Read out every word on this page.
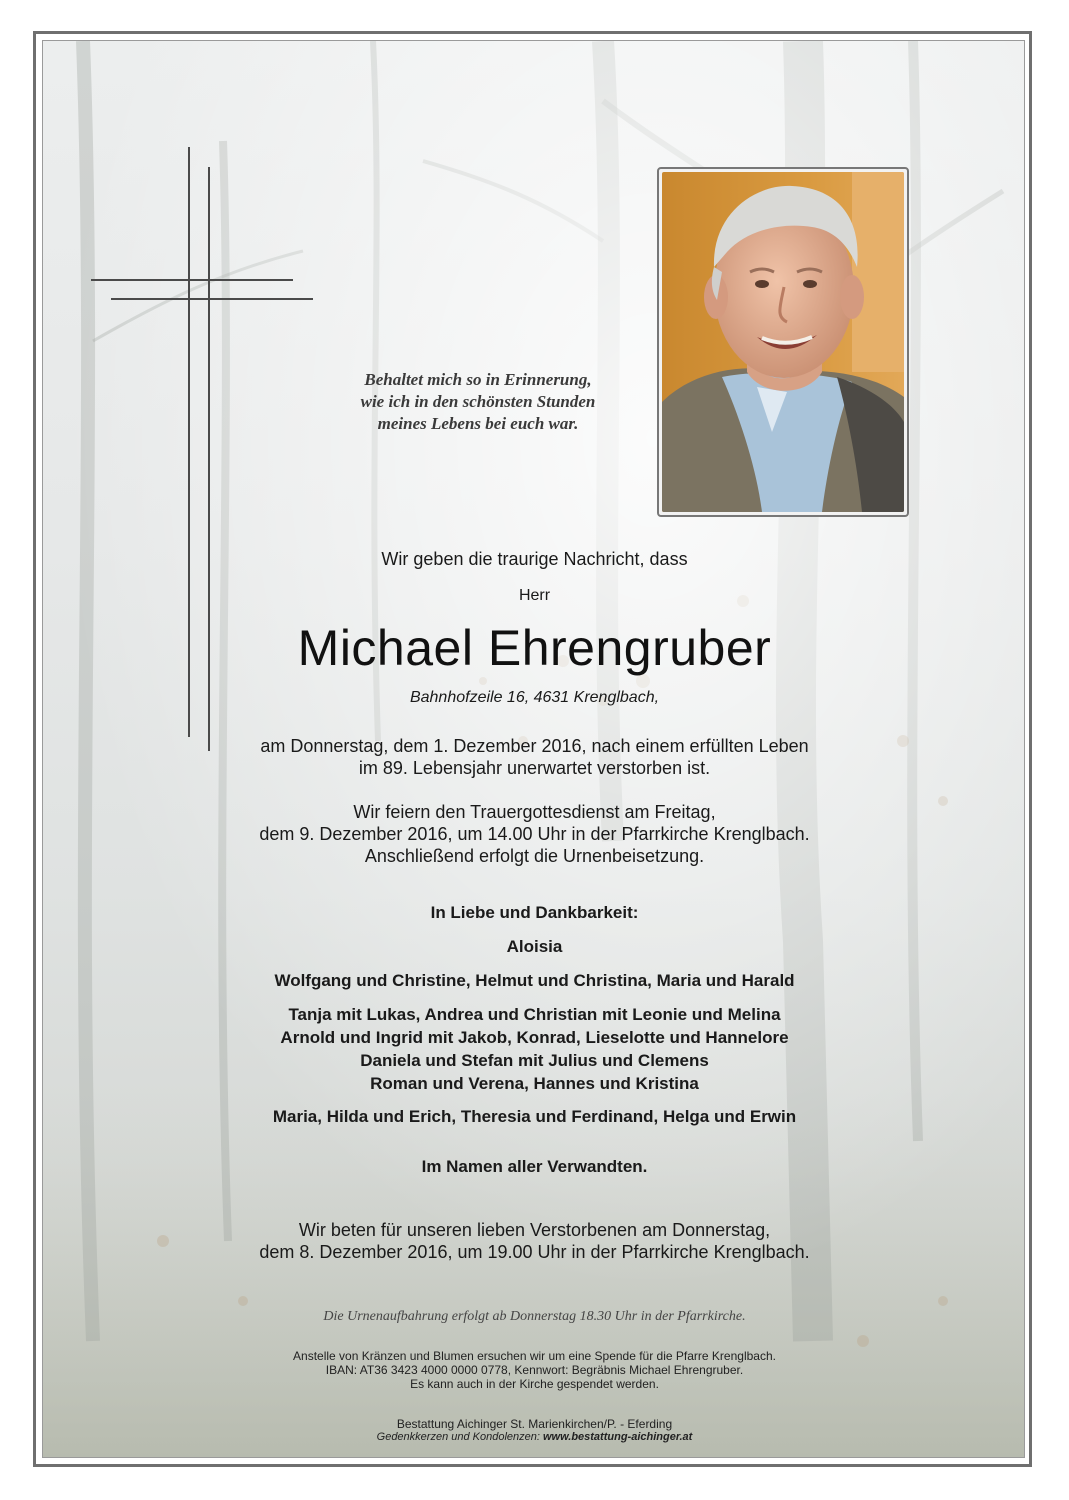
Behaltet mich so in Erinnerung,
wie ich in den schönsten Stunden
meines Lebens bei euch war.
Wir geben die traurige Nachricht, dass
Herr
Michael Ehrengruber
Bahnhofzeile 16, 4631 Krenglbach,
am Donnerstag, dem 1. Dezember 2016, nach einem erfüllten Leben
im 89. Lebensjahr unerwartet verstorben ist.
Wir feiern den Trauergottesdienst am Freitag,
dem 9. Dezember 2016, um 14.00 Uhr in der Pfarrkirche Krenglbach.
Anschließend erfolgt die Urnenbeisetzung.
In Liebe und Dankbarkeit:
Aloisia
Wolfgang und Christine, Helmut und Christina, Maria und Harald
Tanja mit Lukas, Andrea und Christian mit Leonie und Melina
Arnold und Ingrid mit Jakob, Konrad, Lieselotte und Hannelore
Daniela und Stefan mit Julius und Clemens
Roman und Verena, Hannes und Kristina
Maria, Hilda und Erich, Theresia und Ferdinand, Helga und Erwin
Im Namen aller Verwandten.
Wir beten für unseren lieben Verstorbenen am Donnerstag,
dem 8. Dezember 2016, um 19.00 Uhr in der Pfarrkirche Krenglbach.
Die Urnenaufbahrung erfolgt ab Donnerstag 18.30 Uhr in der Pfarrkirche.
Anstelle von Kränzen und Blumen ersuchen wir um eine Spende für die Pfarre Krenglbach.
IBAN: AT36 3423 4000 0000 0778, Kennwort: Begräbnis Michael Ehrengruber.
Es kann auch in der Kirche gespendet werden.
Bestattung Aichinger St. Marienkirchen/P. - Eferding
Gedenkkerzen und Kondolenzen: www.bestattung-aichinger.at
